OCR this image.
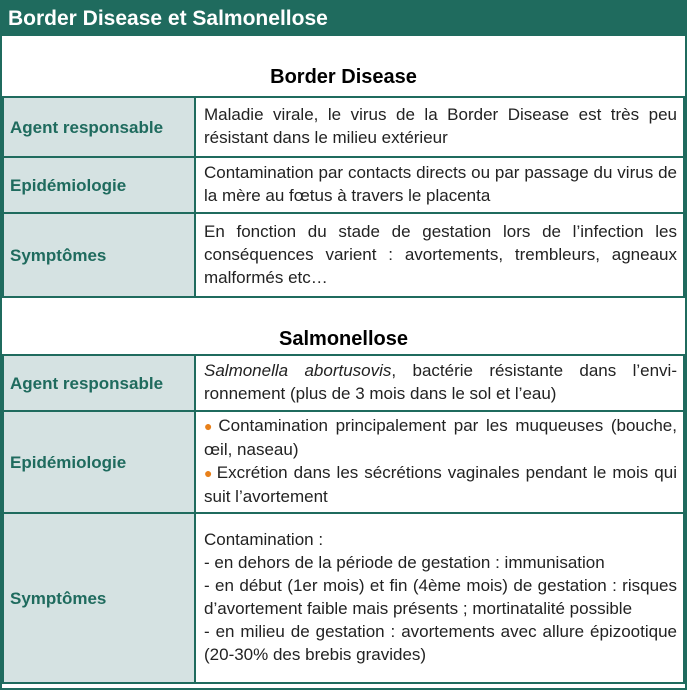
Border Disease et Salmonellose
Border Disease
Agent responsable	Maladie virale, le virus de la Border Disease est très peu résistant dans le milieu extérieur
Epidémiologie	Contamination par contacts directs ou par passage du virus de la mère au fœtus à travers le placenta
Symptômes	En fonction du stade de gestation lors de l’infection les conséquences varient : avortements, trembleurs, agneaux malformés etc…
Salmonellose
Agent responsable	Salmonella abortusovis, bactérie résistante dans l’environnement (plus de 3 mois dans le sol et l’eau)
Epidémiologie	● Contamination principalement par les muqueuses (bouche, œil, naseau)
● Excrétion dans les sécrétions vaginales pendant le mois qui suit l’avortement

Symptômes	Contamination :
- en dehors de la période de gestation : immunisation
- en début (1er mois) et fin (4ème mois) de gestation : risques d’avortement faible mais présents ; mortinatalité possible
- en milieu de gestation : avortements avec allure épizootique (20-30% des brebis gravides)
